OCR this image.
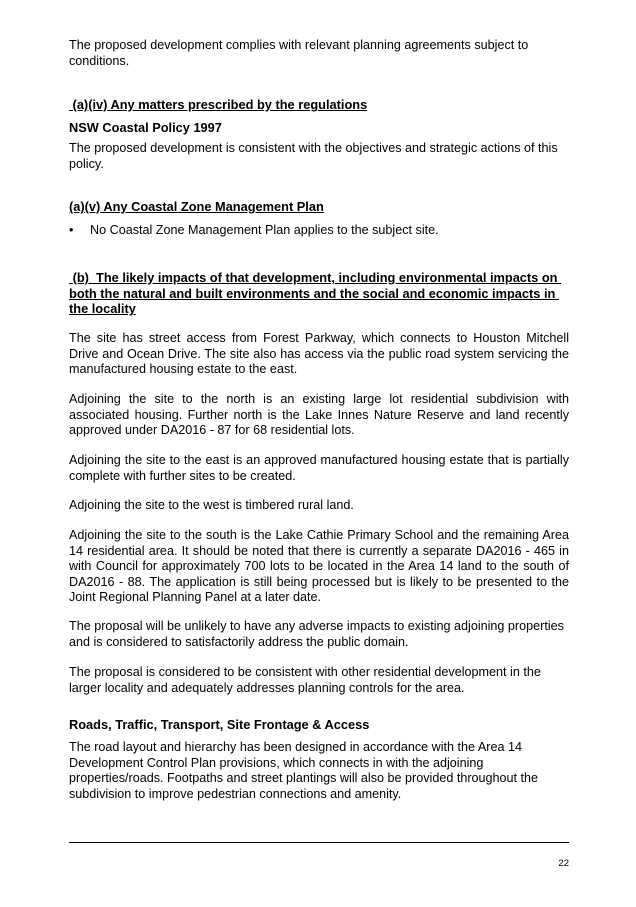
The proposed development complies with relevant planning agreements subject to conditions.

(a)(iv) Any matters prescribed by the regulations

NSW Coastal Policy 1997

The proposed development is consistent with the objectives and strategic actions of this policy.

(a)(v) Any Coastal Zone Management Plan

• No Coastal Zone Management Plan applies to the subject site.

(b)  The likely impacts of that development, including environmental impacts on both the natural and built environments and the social and economic impacts in the locality

The site has street access from Forest Parkway, which connects to Houston Mitchell Drive and Ocean Drive. The site also has access via the public road system servicing the manufactured housing estate to the east.

Adjoining the site to the north is an existing large lot residential subdivision with associated housing. Further north is the Lake Innes Nature Reserve and land recently approved under DA2016 - 87 for 68 residential lots.

Adjoining the site to the east is an approved manufactured housing estate that is partially complete with further sites to be created.

Adjoining the site to the west is timbered rural land.

Adjoining the site to the south is the Lake Cathie Primary School and the remaining Area 14 residential area. It should be noted that there is currently a separate DA2016 - 465 in with Council for approximately 700 lots to be located in the Area 14 land to the south of DA2016 - 88. The application is still being processed but is likely to be presented to the Joint Regional Planning Panel at a later date.

The proposal will be unlikely to have any adverse impacts to existing adjoining properties and is considered to satisfactorily address the public domain.

The proposal is considered to be consistent with other residential development in the larger locality and adequately addresses planning controls for the area.

Roads, Traffic, Transport, Site Frontage & Access

The road layout and hierarchy has been designed in accordance with the Area 14 Development Control Plan provisions, which connects in with the adjoining properties/roads. Footpaths and street plantings will also be provided throughout the subdivision to improve pedestrian connections and amenity.

22
